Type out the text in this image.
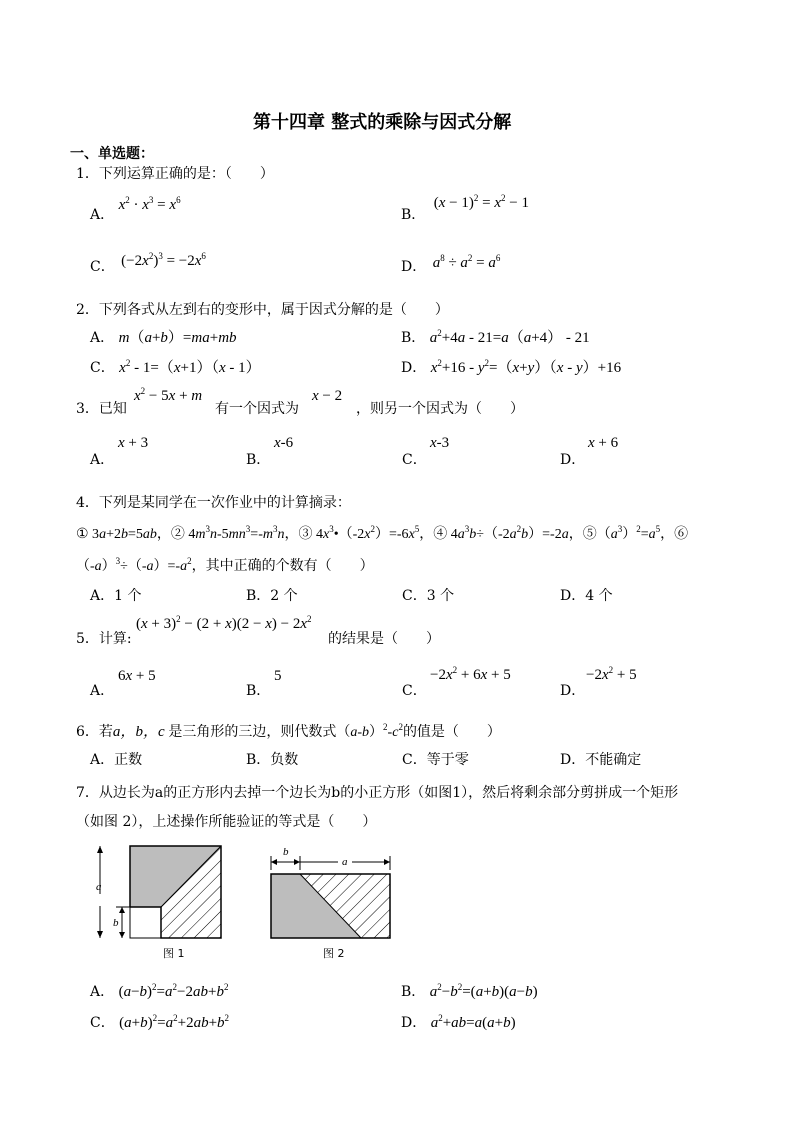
第十四章 整式的乘除与因式分解
一、单选题：
1．下列运算正确的是：（　　）
A． $x^2 \cdot x^3 = x^6$
B． $(x - 1)^2 = x^2 - 1$
C． $(-2x^2)^3 = -2x^6$
D． $a^8 \div a^2 = a^6$
2．下列各式从左到右的变形中，属于因式分解的是（　　）
A． m（a+b）=ma+mb	B． $a^2+4a - 21=a(a+4) - 21$
C． $x^2 - 1=(x+1)(x - 1)$	D． $x^2+16 - y^2=(x+y)(x - y)+16$
3．已知
$x^2 - 5x + m$
有一个因式为
x − 2
，则另一个因式为（　　）
A．
x + 3
B．
x-6
C．
x-3
D．
x + 6
4．下列是某同学在一次作业中的计算摘录：
① 3a+2b=5ab，② $4m^3n-5mn^3=-m^3n$，③ $4x^3•(-2x^2)=-6x^5$，④ $4a^3b\div(-2a^2b)=-2a$，$⑤(a^3)^2=a^5$，⑥
$(-a)^3\div(-a)=-a^2$，其中正确的个数有（　　）
A．1 个	B．2 个	C．3 个	D．4 个
5．计算:
$(x + 3)^2 - (2 + x)(2 - x) - 2x^2$
的结果是（　　）
A．
6x + 5
B．
5
C．
$-2x^2 + 6x + 5$
D．
$-2x^2 + 5$
6．若a，b，c 是三角形的三边，则代数式$(a-b)^2-c^2$的值是（　　）
A．正数	B．负数	C．等于零	D．不能确定
7．从边长为a的正方形内去掉一个边长为b的小正方形（如图1），然后将剩余部分剪拼成一个矩形
（如图 2），上述操作所能验证的等式是（　　）
a
b
图 1
b
a
图 2
A． $(a-b)^2=a^2-2ab+b^2$	B． $a^2-b^2=(a+b)(a-b)$
C． $(a+b)^2=a^2+2ab+b^2$	D． $a^2+ab=a(a+b)$
